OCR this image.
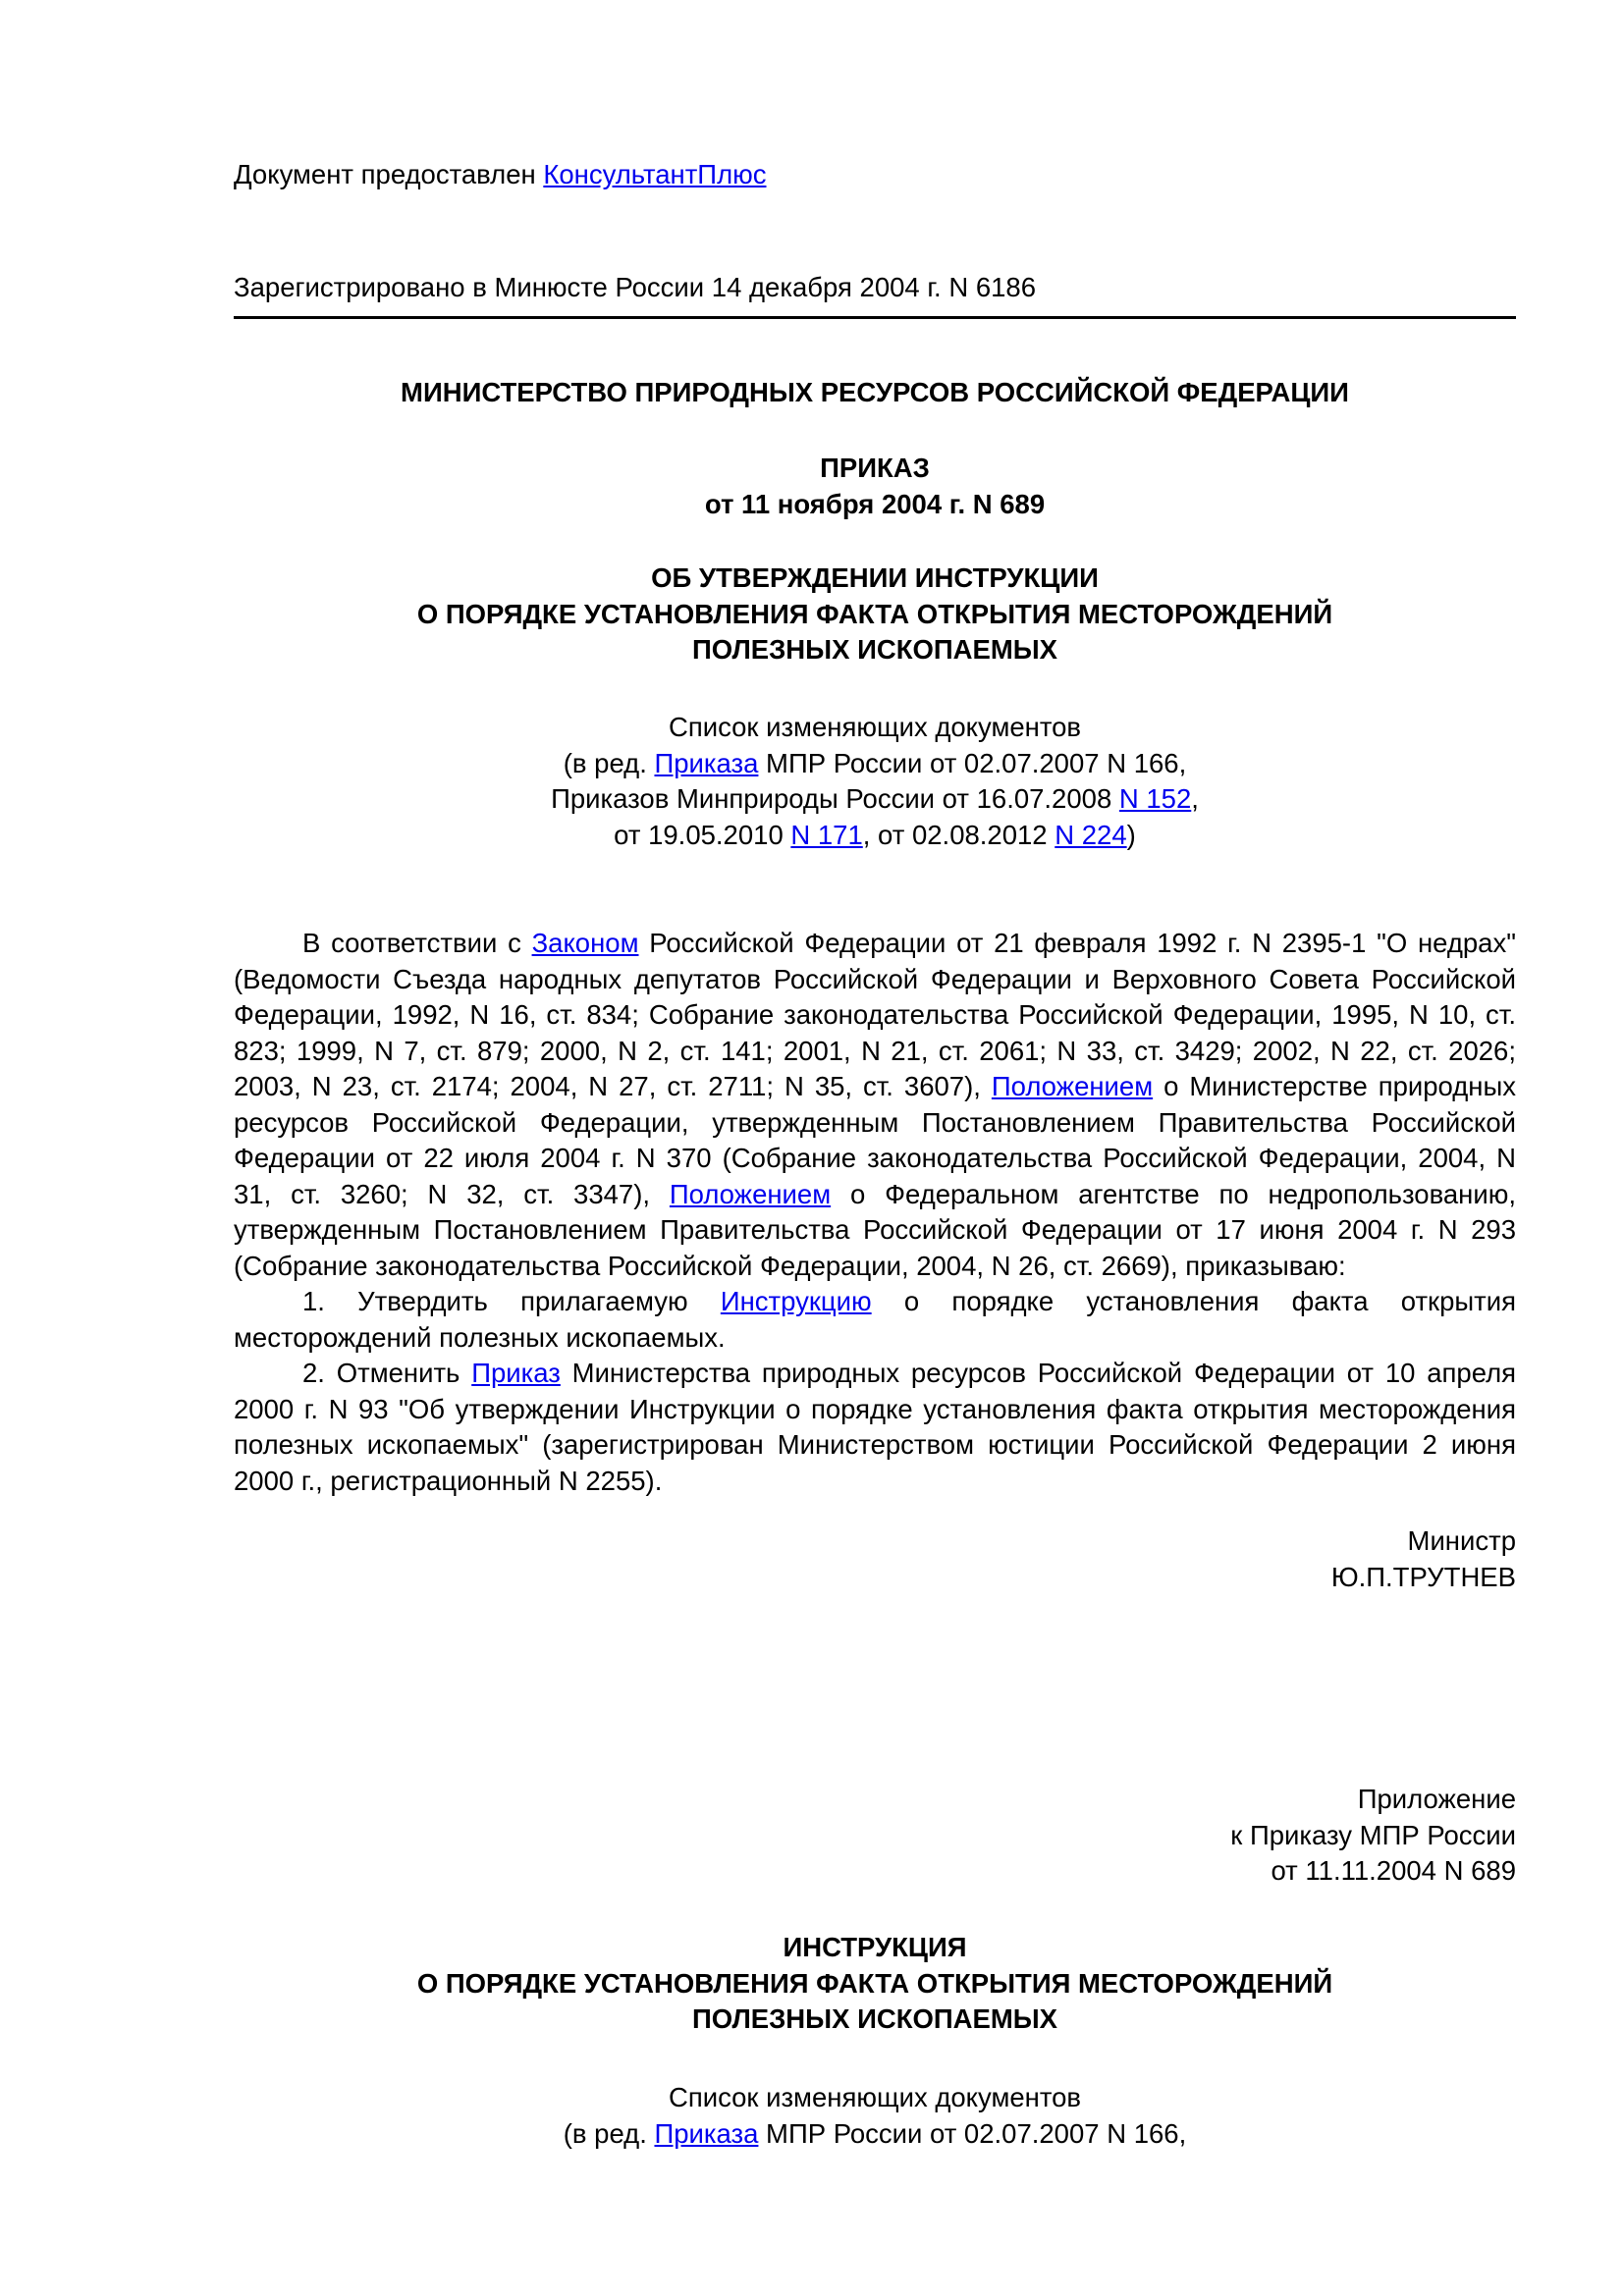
Документ предоставлен КонсультантПлюс
Зарегистрировано в Минюсте России 14 декабря 2004 г. N 6186
МИНИСТЕРСТВО ПРИРОДНЫХ РЕСУРСОВ РОССИЙСКОЙ ФЕДЕРАЦИИ
ПРИКАЗ
от 11 ноября 2004 г. N 689
ОБ УТВЕРЖДЕНИИ ИНСТРУКЦИИ
О ПОРЯДКЕ УСТАНОВЛЕНИЯ ФАКТА ОТКРЫТИЯ МЕСТОРОЖДЕНИЙ
ПОЛЕЗНЫХ ИСКОПАЕМЫХ
Список изменяющих документов
(в ред. Приказа МПР России от 02.07.2007 N 166,
Приказов Минприроды России от 16.07.2008 N 152,
от 19.05.2010 N 171, от 02.08.2012 N 224)

В соответствии с Законом Российской Федерации от 21 февраля 1992 г. N 2395-1 "О недрах" (Ведомости Съезда народных депутатов Российской Федерации и Верховного Совета Российской Федерации, 1992, N 16, ст. 834; Собрание законодательства Российской Федерации, 1995, N 10, ст. 823; 1999, N 7, ст. 879; 2000, N 2, ст. 141; 2001, N 21, ст. 2061; N 33, ст. 3429; 2002, N 22, ст. 2026; 2003, N 23, ст. 2174; 2004, N 27, ст. 2711; N 35, ст. 3607), Положением о Министерстве природных ресурсов Российской Федерации, утвержденным Постановлением Правительства Российской Федерации от 22 июля 2004 г. N 370 (Собрание законодательства Российской Федерации, 2004, N 31, ст. 3260; N 32, ст. 3347), Положением о Федеральном агентстве по недропользованию, утвержденным Постановлением Правительства Российской Федерации от 17 июня 2004 г. N 293 (Собрание законодательства Российской Федерации, 2004, N 26, ст. 2669), приказываю:

1. Утвердить прилагаемую Инструкцию о порядке установления факта открытия месторождений полезных ископаемых.

2. Отменить Приказ Министерства природных ресурсов Российской Федерации от 10 апреля 2000 г. N 93 "Об утверждении Инструкции о порядке установления факта открытия месторождения полезных ископаемых" (зарегистрирован Министерством юстиции Российской Федерации 2 июня 2000 г., регистрационный N 2255).

Министр
Ю.П.ТРУТНЕВ
Приложение
к Приказу МПР России
от 11.11.2004 N 689
ИНСТРУКЦИЯ
О ПОРЯДКЕ УСТАНОВЛЕНИЯ ФАКТА ОТКРЫТИЯ МЕСТОРОЖДЕНИЙ
ПОЛЕЗНЫХ ИСКОПАЕМЫХ
Список изменяющих документов
(в ред. Приказа МПР России от 02.07.2007 N 166,
